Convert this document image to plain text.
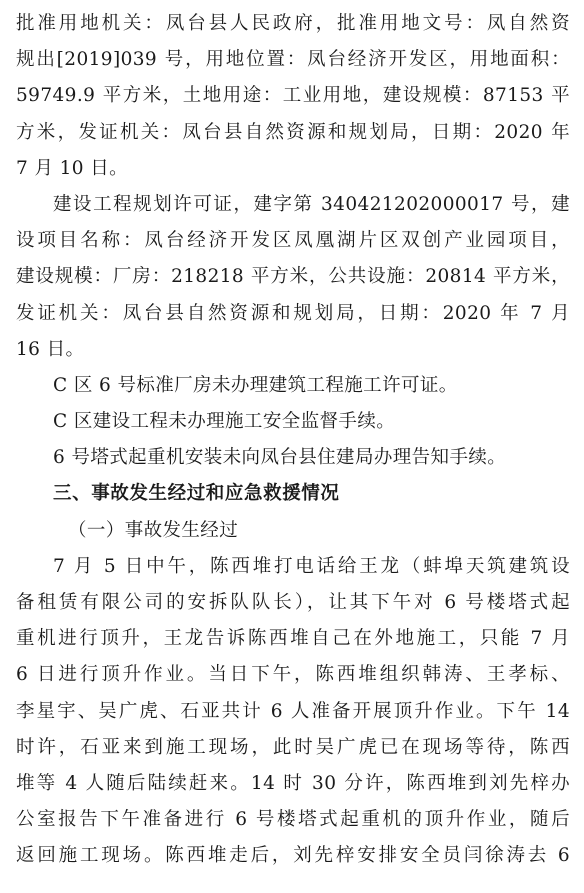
批准用地机关：凤台县人民政府，批准用地文号：凤自然资
规出[2019]039 号，用地位置：凤台经济开发区，用地面积：
59749.9 平方米，土地用途：工业用地，建设规模：87153 平
方米，发证机关：凤台县自然资源和规划局，日期：2020 年
7 月 10 日。
建设工程规划许可证，建字第 340421202000017 号，建
设项目名称：凤台经济开发区凤凰湖片区双创产业园项目，
建设规模：厂房：218218 平方米，公共设施：20814 平方米，
发证机关：凤台县自然资源和规划局，日期：2020 年 7 月
16 日。
C 区 6 号标准厂房未办理建筑工程施工许可证。
C 区建设工程未办理施工安全监督手续。
6 号塔式起重机安装未向凤台县住建局办理告知手续。
三、事故发生经过和应急救援情况
（一）事故发生经过
7 月 5 日中午，陈西堆打电话给王龙（蚌埠天筑建筑设
备租赁有限公司的安拆队队长），让其下午对 6 号楼塔式起
重机进行顶升，王龙告诉陈西堆自己在外地施工，只能 7 月
6 日进行顶升作业。当日下午，陈西堆组织韩涛、王孝标、
李星宇、吴广虎、石亚共计 6 人准备开展顶升作业。下午 14
时许，石亚来到施工现场，此时吴广虎已在现场等待，陈西
堆等 4 人随后陆续赶来。14 时 30 分许，陈西堆到刘先梓办
公室报告下午准备进行 6 号楼塔式起重机的顶升作业，随后
返回施工现场。陈西堆走后，刘先梓安排安全员闫徐涛去 6
